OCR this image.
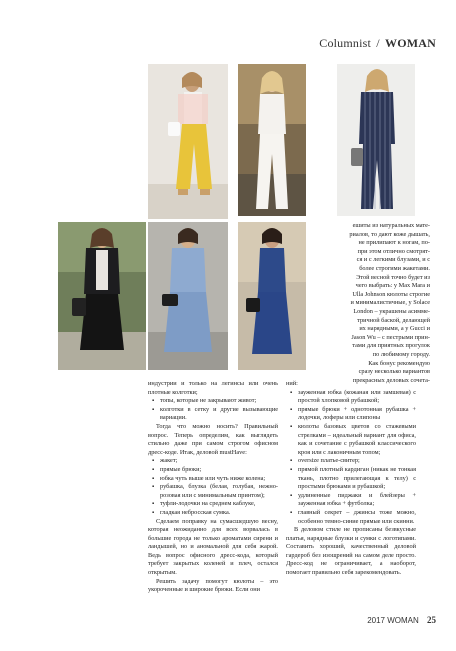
Columnist / WOMAN

ешиты из натуральных мате-

риалов, то дают коже дышать,

не прилипают к ногам, по-

при этом отлично смотрят-

ся и с легкими блузами, и с

более строгими жакетами.

Этой весной точно будет из

чего выбрать: у Max Mara и

Ulla Johnson кюлоты строгие

и минималистичные, у Solace

London – украшены асимме-

тричной баской, делающей

их нарядными, а у Gucci и

Jason Wu – с пестрыми прин-

тами для приятных прогулок

по любимому городу.

Как бонус рекомендую

сразу несколько вариантов

прекрасных деловых сочета-

индустрии и только на легинсы или очень плотные колготки;

▪ топы, которые не закрывают живот;

▪ колготки в сетку и другие вызывающие вариации.

Тогда что можно носить? Правильный вопрос. Теперь определим, как выглядеть стильно даже при самом строгом офисном дресс-коде. Итак, деловой mustHave:

▪ жакет;

▪ прямые брюки;

▪ юбка чуть выше или чуть ниже колена;

▪ рубашка, блузка (белая, голубая, нежно-розовая или с минимальным принтом);

▪ туфли-лодочки на среднем каблуке,

▪ гладкая небросская сумка.

Сделаем поправку на сумасшедшую весну, которая неожиданно для всех ворвалась в большие города не только ароматами сирени и ландышей, но и аномальной для себя жарой. Ведь вопрос офисного дресс-кода, который требует закрытых коленей и плеч, остался открытым.

Решить задачу помогут кюлоты – это укороченные и широкие брюки. Если они

ний:

▪ зауженная юбка (кожаная или замшевая) с простой хлопковой рубашкой;

▪ прямые брюки + однотонная рубашка + лодочки, лоферы или слипоны

▪ кюлоты базовых цветов со стажевыми стрелками – идеальный вариант для офиса, как и сочетание с рубашкой классического кроя или с лаконичным топом;

▪ oversize платье-свитер;

▪ прямой плотный кардиган (никак не тонкая ткань, плотно прилегающая к телу) с простыми брюками и рубашкой;

▪ удлиненные пиджаки и блейзеры + зауженная юбка + футболка;

▪ главный секрет – джинсы тоже можно, особенно темно-синие прямые или скинни.

В деловом стиле не прописаны безвкусные платья, нарядные блузки и сумки с логотипами. Составить хороший, качественный деловой гардероб без изощрений на самом деле просто. Дресс-код не ограничивает, а наоборот, помогает правильно себя зарекомендовать.

2017 WOMAN 25
